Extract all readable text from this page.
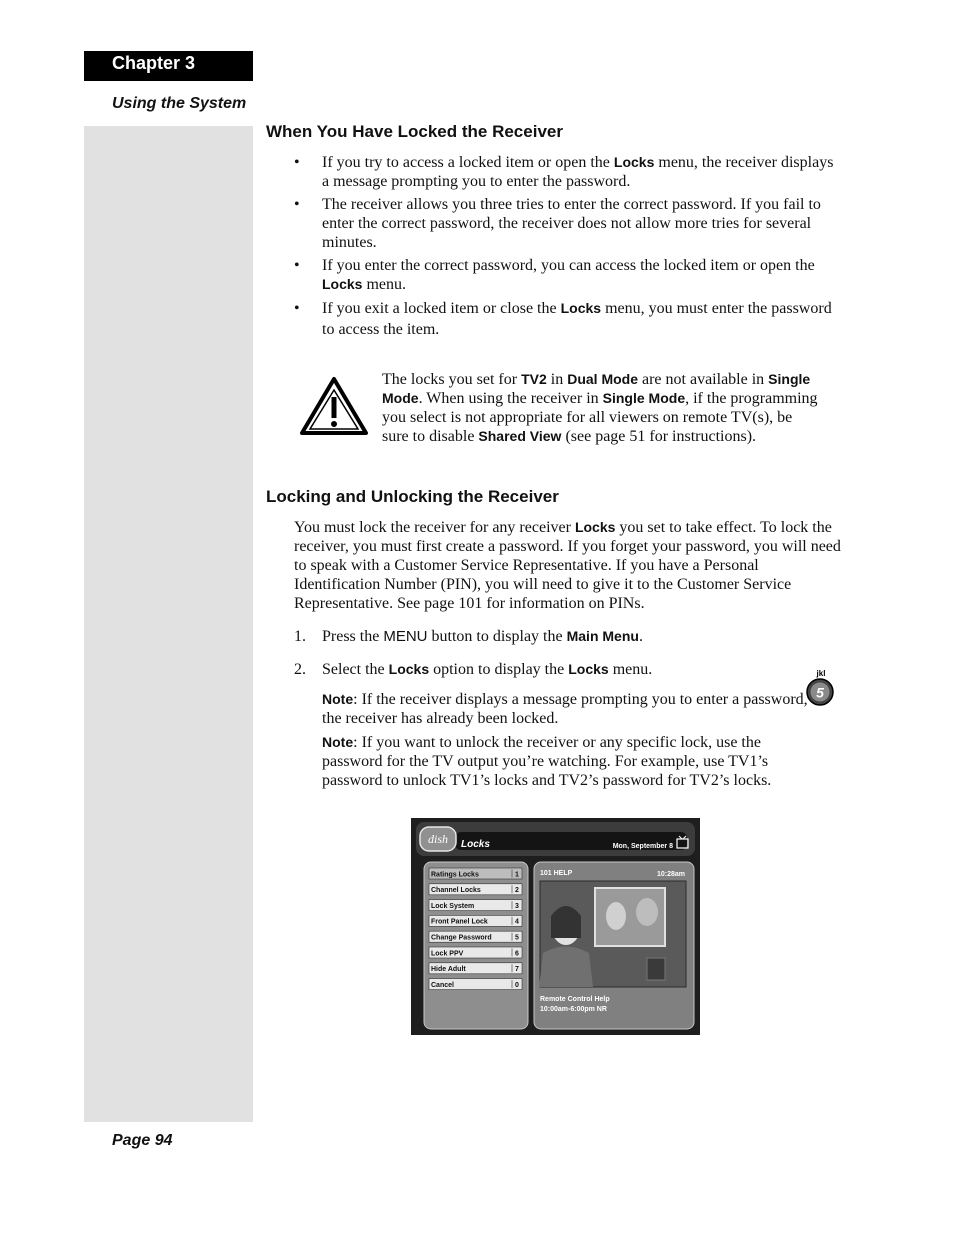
Chapter 3
Using the System
When You Have Locked the Receiver
• If you try to access a locked item or open the Locks menu, the receiver displays a message prompting you to enter the password.
• The receiver allows you three tries to enter the correct password. If you fail to enter the correct password, the receiver does not allow more tries for several minutes.
• If you enter the correct password, you can access the locked item or open the Locks menu.
• If you exit a locked item or close the Locks menu, you must enter the password to access the item.
The locks you set for TV2 in Dual Mode are not available in Single Mode. When using the receiver in Single Mode, if the programming you select is not appropriate for all viewers on remote TV(s), be sure to disable Shared View (see page 51 for instructions).
Locking and Unlocking the Receiver
You must lock the receiver for any receiver Locks you set to take effect. To lock the receiver, you must first create a password. If you forget your password, you will need to speak with a Customer Service Representative. If you have a Personal Identification Number (PIN), you will need to give it to the Customer Service Representative. See page 101 for information on PINs.
1.	Press the MENU button to display the Main Menu.
2.	Select the Locks option to display the Locks menu.	jkl
5
Note: If the receiver displays a message prompting you to enter a password, the receiver has already been locked.
Note: If you want to unlock the receiver or any specific lock, use the password for the TV output you’re watching. For example, use TV1’s password to unlock TV1’s locks and TV2’s password for TV2’s locks.
dish Locks	Mon, September 8
Ratings Locks	1
Channel Locks	2
Lock System	3
Front Panel Lock	4
Change Password	5
Lock PPV	6
Hide Adult	7
Cancel	0
101 HELP	10:28am
Remote Control Help
10:00am-6:00pm NR
Page 94
